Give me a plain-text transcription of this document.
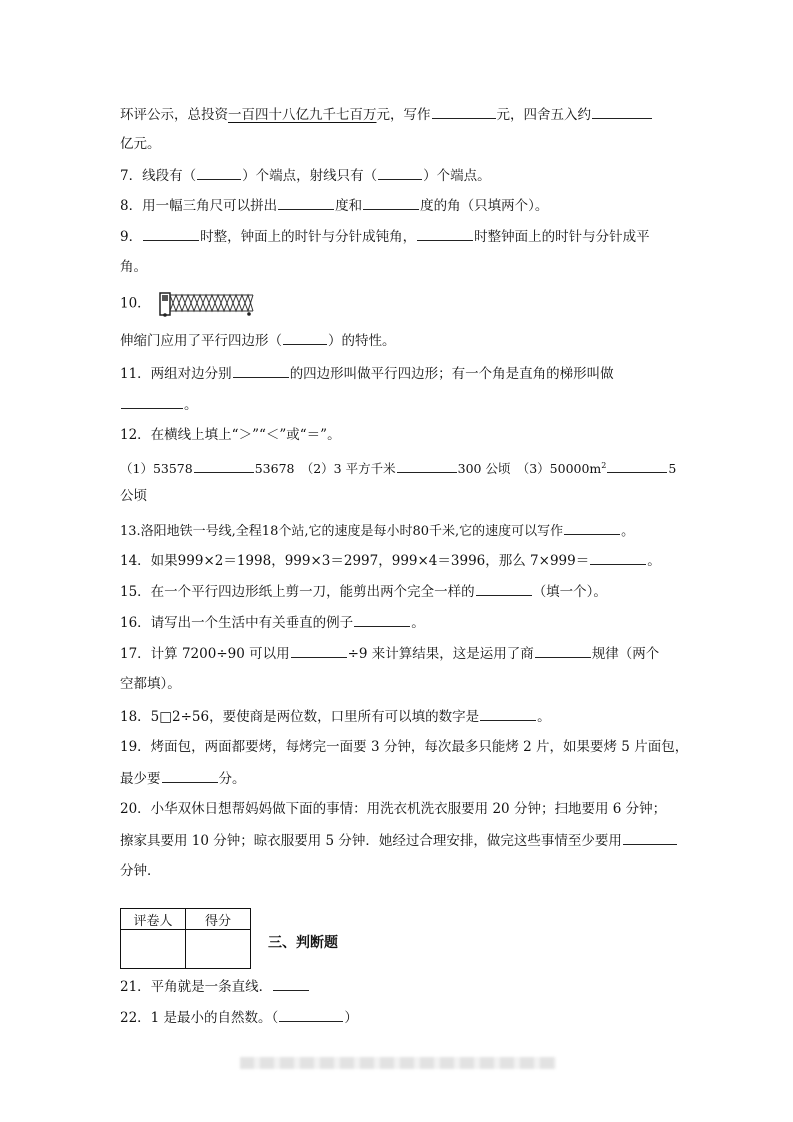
环评公示，总投资一百四十八亿九千七百万元，写作	元，四舍五入约
亿元。
7．线段有（	）个端点，射线只有（	）个端点。
8．用一幅三角尺可以拼出	度和	度的角（只填两个）。
9．	时整，钟面上的时针与分针成钝角，	时整钟面上的时针与分针成平
角。
10．
伸缩门应用了平行四边形（	）的特性。
11．两组对边分别	的四边形叫做平行四边形；有一个角是直角的梯形叫做
。
12．在横线上填上“＞”“＜”或“＝”。
（1）53578	53678　（2）3 平方千米	300 公顷　$(3)50000m^2$	5
公顷
13.洛阳地铁一号线,全程18个站,它的速度是每小时80千米,它的速度可以写作	。
14．如果999×2＝1998，999×3＝2997，999×4＝3996，那么 7×999＝	。
15．在一个平行四边形纸上剪一刀，能剪出两个完全一样的	（填一个）。
16．请写出一个生活中有关垂直的例子	。
17．计算 7200÷90 可以用	÷9 来计算结果，这是运用了商	规律（两个
空都填）。
18．5□2÷56，要使商是两位数，口里所有可以填的数字是	。
19．烤面包，两面都要烤，每烤完一面要 3 分钟，每次最多只能烤 2 片，如果要烤 5 片面包，
最少要	分。
20．小华双休日想帮妈妈做下面的事情：用洗衣机洗衣服要用 20 分钟；扫地要用 6 分钟；
擦家具要用 10 分钟；晾衣服要用 5 分钟．她经过合理安排，做完这些事情至少要用
分钟．
评卷人	得分

三、判断题
21．平角就是一条直线．
22．1 是最小的自然数。（	）
